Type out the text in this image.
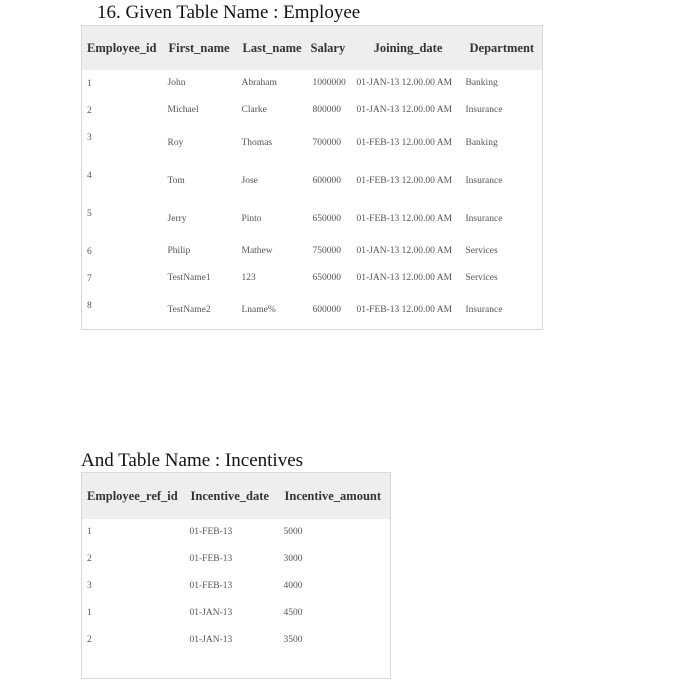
16. Given Table Name : Employee
Employee_id	First_name	Last_name	Salary	Joining_date	Department
1	John	Abraham	1000000	01-JAN-13 12.00.00 AM	Banking
2	Michael	Clarke	800000	01-JAN-13 12.00.00 AM	Insurance
3	Roy	Thomas	700000	01-FEB-13 12.00.00 AM	Banking
4	Tom	Jose	600000	01-FEB-13 12.00.00 AM	Insurance
5	Jerry	Pinto	650000	01-FEB-13 12.00.00 AM	Insurance
6	Philip	Mathew	750000	01-JAN-13 12.00.00 AM	Services
7	TestName1	123	650000	01-JAN-13 12.00.00 AM	Services
8	TestName2	Lname%	600000	01-FEB-13 12.00.00 AM	Insurance
And Table Name : Incentives
Employee_ref_id	Incentive_date	Incentive_amount
1	01-FEB-13	5000
2	01-FEB-13	3000
3	01-FEB-13	4000
1	01-JAN-13	4500
2	01-JAN-13	3500
